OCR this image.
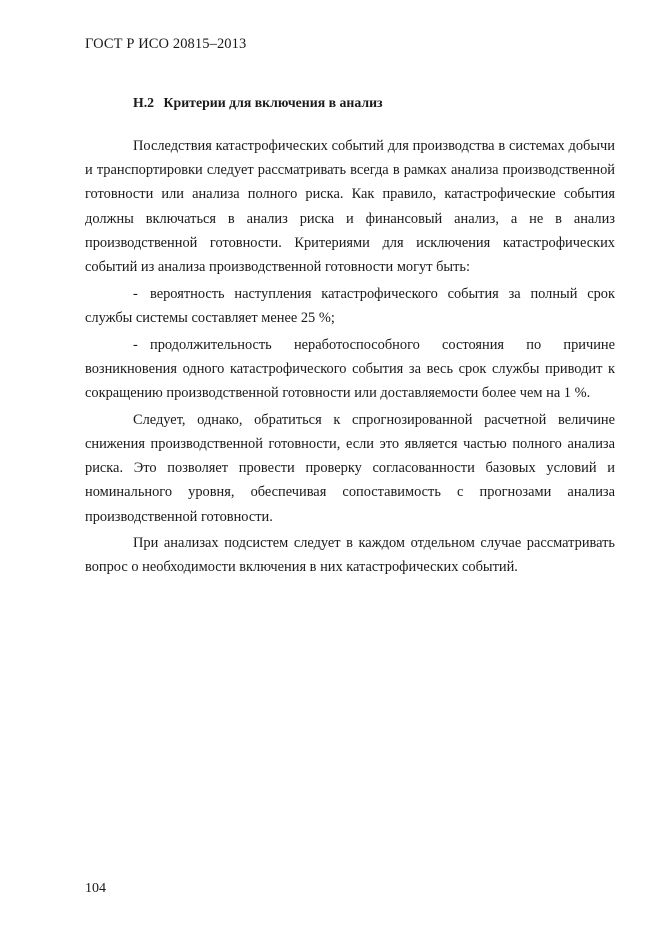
ГОСТ Р ИСО 20815–2013
Н.2 Критерии для включения в анализ

Последствия катастрофических событий для производства в системах добычи и транспортировки следует рассматривать всегда в рамках анализа производственной готовности или анализа полного риска. Как правило, катастрофические события должны включаться в анализ риска и финансовый анализ, а не в анализ производственной готовности. Критериями для исключения катастрофических событий из анализа производственной готовности могут быть:

- вероятность наступления катастрофического события за полный срок службы системы составляет менее 25 %;

- продолжительность неработоспособного состояния по причине возникновения одного катастрофического события за весь срок службы приводит к сокращению производственной готовности или доставляемости более чем на 1 %.

Следует, однако, обратиться к спрогнозированной расчетной величине снижения производственной готовности, если это является частью полного анализа риска. Это позволяет провести проверку согласованности базовых условий и номинального уровня, обеспечивая сопоставимость с прогнозами анализа производственной готовности.

При анализах подсистем следует в каждом отдельном случае рассматривать вопрос о необходимости включения в них катастрофических событий.

104
